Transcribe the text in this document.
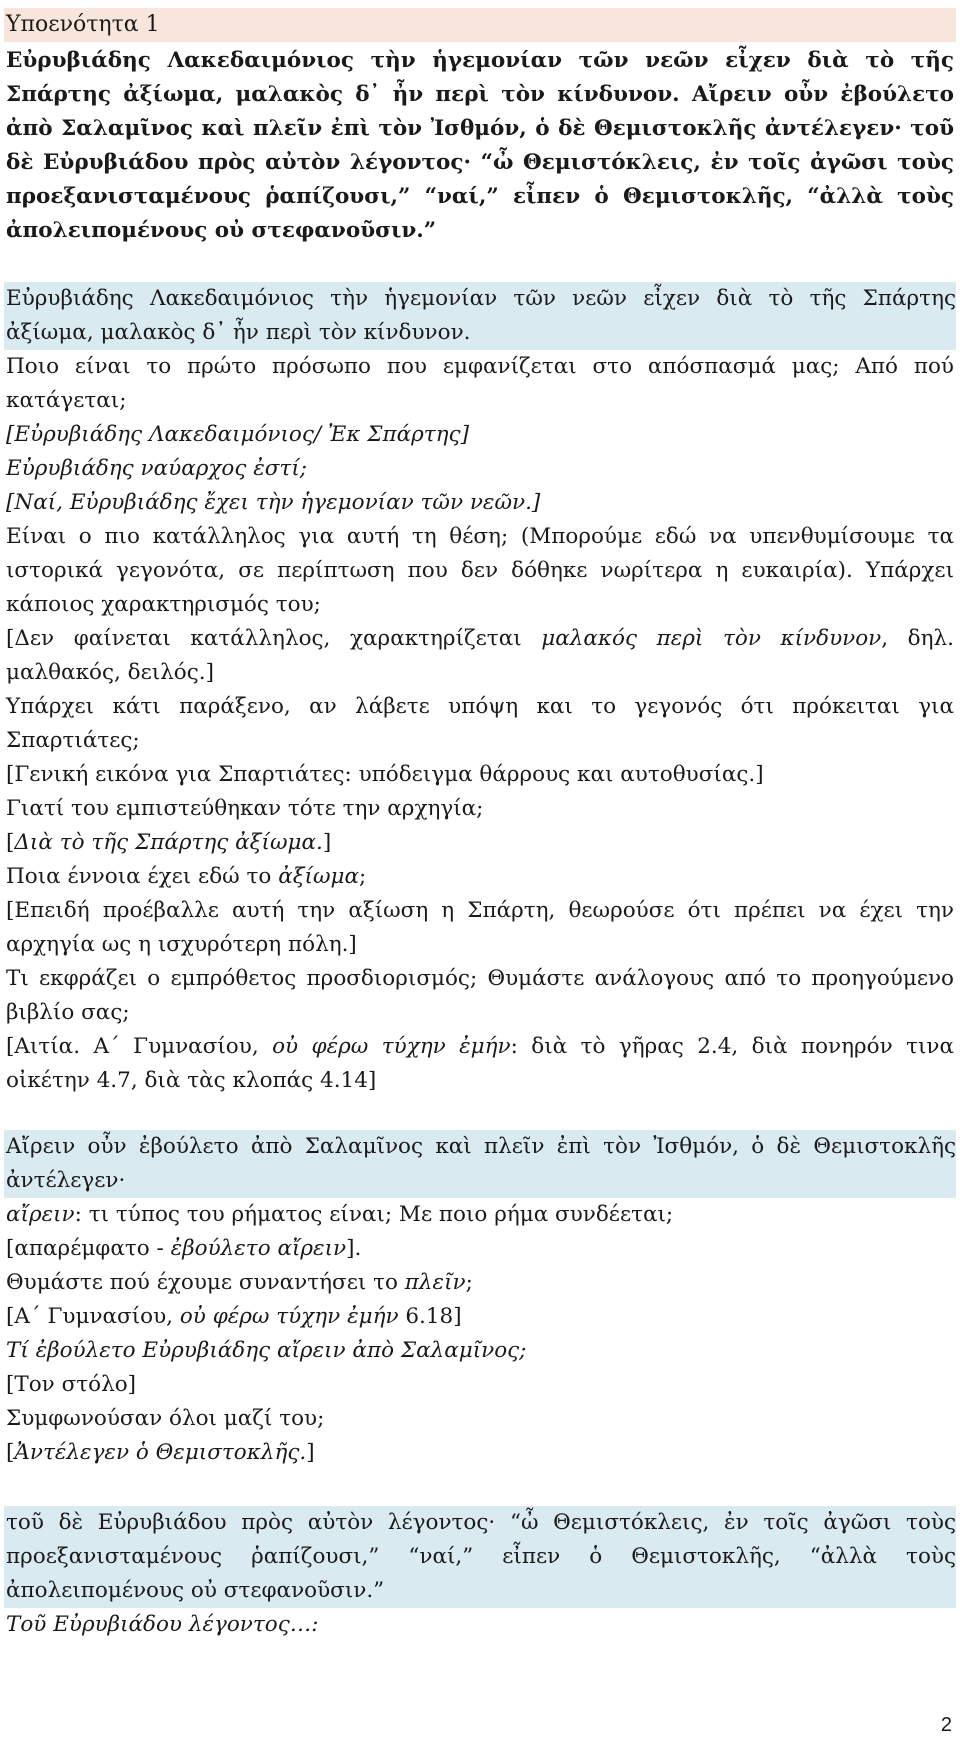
Υποενότητα 1
Εὐρυβιάδης Λακεδαιμόνιος τὴν ἡγεμονίαν τῶν νεῶν εἶχεν διὰ τὸ τῆς Σπάρτης ἀξίωμα, μαλακὸς δ᾽ ἦν περὶ τὸν κίνδυνον. Αἴρειν οὖν ἐβούλετο ἀπὸ Σαλαμῖνος καὶ πλεῖν ἐπὶ τὸν Ἰσθμόν, ὁ δὲ Θεμιστοκλῆς ἀντέλεγεν· τοῦ δὲ Εὐρυβιάδου πρὸς αὐτὸν λέγοντος· “ὦ Θεμιστόκλεις, ἐν τοῖς ἀγῶσι τοὺς προεξανισταμένους ῥαπίζουσι,” “ναί,” εἶπεν ὁ Θεμιστοκλῆς, “ἀλλὰ τοὺς ἀπολειπομένους οὐ στεφανοῦσιν.”
Εὐρυβιάδης Λακεδαιμόνιος τὴν ἡγεμονίαν τῶν νεῶν εἶχεν διὰ τὸ τῆς Σπάρτης ἀξίωμα, μαλακὸς δ᾽ ἦν περὶ τὸν κίνδυνον.
Ποιο είναι το πρώτο πρόσωπο που εμφανίζεται στο απόσπασμά μας; Από πού κατάγεται;
[Εὐρυβιάδης Λακεδαιμόνιος/ Ἐκ Σπάρτης]
Εὐρυβιάδης ναύαρχος ἐστί;
[Ναί, Εὐρυβιάδης ἔχει τὴν ἡγεμονίαν τῶν νεῶν.]
Είναι ο πιο κατάλληλος για αυτή τη θέση; (Μπορούμε εδώ να υπενθυμίσουμε τα ιστορικά γεγονότα, σε περίπτωση που δεν δόθηκε νωρίτερα η ευκαιρία). Υπάρχει κάποιος χαρακτηρισμός του;
[Δεν φαίνεται κατάλληλος, χαρακτηρίζεται μαλακός περὶ τὸν κίνδυνον, δηλ. μαλθακός, δειλός.]
Υπάρχει κάτι παράξενο, αν λάβετε υπόψη και το γεγονός ότι πρόκειται για Σπαρτιάτες;
[Γενική εικόνα για Σπαρτιάτες: υπόδειγμα θάρρους και αυτοθυσίας.]
Γιατί του εμπιστεύθηκαν τότε την αρχηγία;
[Διὰ τὸ τῆς Σπάρτης ἀξίωμα.]
Ποια έννοια έχει εδώ το ἀξίωμα;
[Επειδή προέβαλλε αυτή την αξίωση η Σπάρτη, θεωρούσε ότι πρέπει να έχει την αρχηγία ως η ισχυρότερη πόλη.]
Τι εκφράζει ο εμπρόθετος προσδιορισμός; Θυμάστε ανάλογους από το προηγούμενο βιβλίο σας;
[Αιτία. Α΄ Γυμνασίου, οὐ φέρω τύχην ἐμήν: διὰ τὸ γῆρας 2.4, διὰ πονηρόν τινα οἰκέτην 4.7, διὰ τὰς κλοπάς 4.14]
Αἴρειν οὖν ἐβούλετο ἀπὸ Σαλαμῖνος καὶ πλεῖν ἐπὶ τὸν Ἰσθμόν, ὁ δὲ Θεμιστοκλῆς ἀντέλεγεν·
αἴρειν: τι τύπος του ρήματος είναι; Με ποιο ρήμα συνδέεται;
[απαρέμφατο - ἐβούλετο αἴρειν].
Θυμάστε πού έχουμε συναντήσει το πλεῖν;
[Α΄ Γυμνασίου, οὐ φέρω τύχην ἐμήν 6.18]
Τί ἐβούλετο Εὐρυβιάδης αἴρειν ἀπὸ Σαλαμῖνος;
[Τον στόλο]
Συμφωνούσαν όλοι μαζί του;
[Ἀντέλεγεν ὁ Θεμιστοκλῆς.]
τοῦ δὲ Εὐρυβιάδου πρὸς αὐτὸν λέγοντος· “ὦ Θεμιστόκλεις, ἐν τοῖς ἀγῶσι τοὺς προεξανισταμένους ῥαπίζουσι,” “ναί,” εἶπεν ὁ Θεμιστοκλῆς, “ἀλλὰ τοὺς ἀπολειπομένους οὐ στεφανοῦσιν.”
Τοῦ Εὐρυβιάδου λέγοντος…:
2
